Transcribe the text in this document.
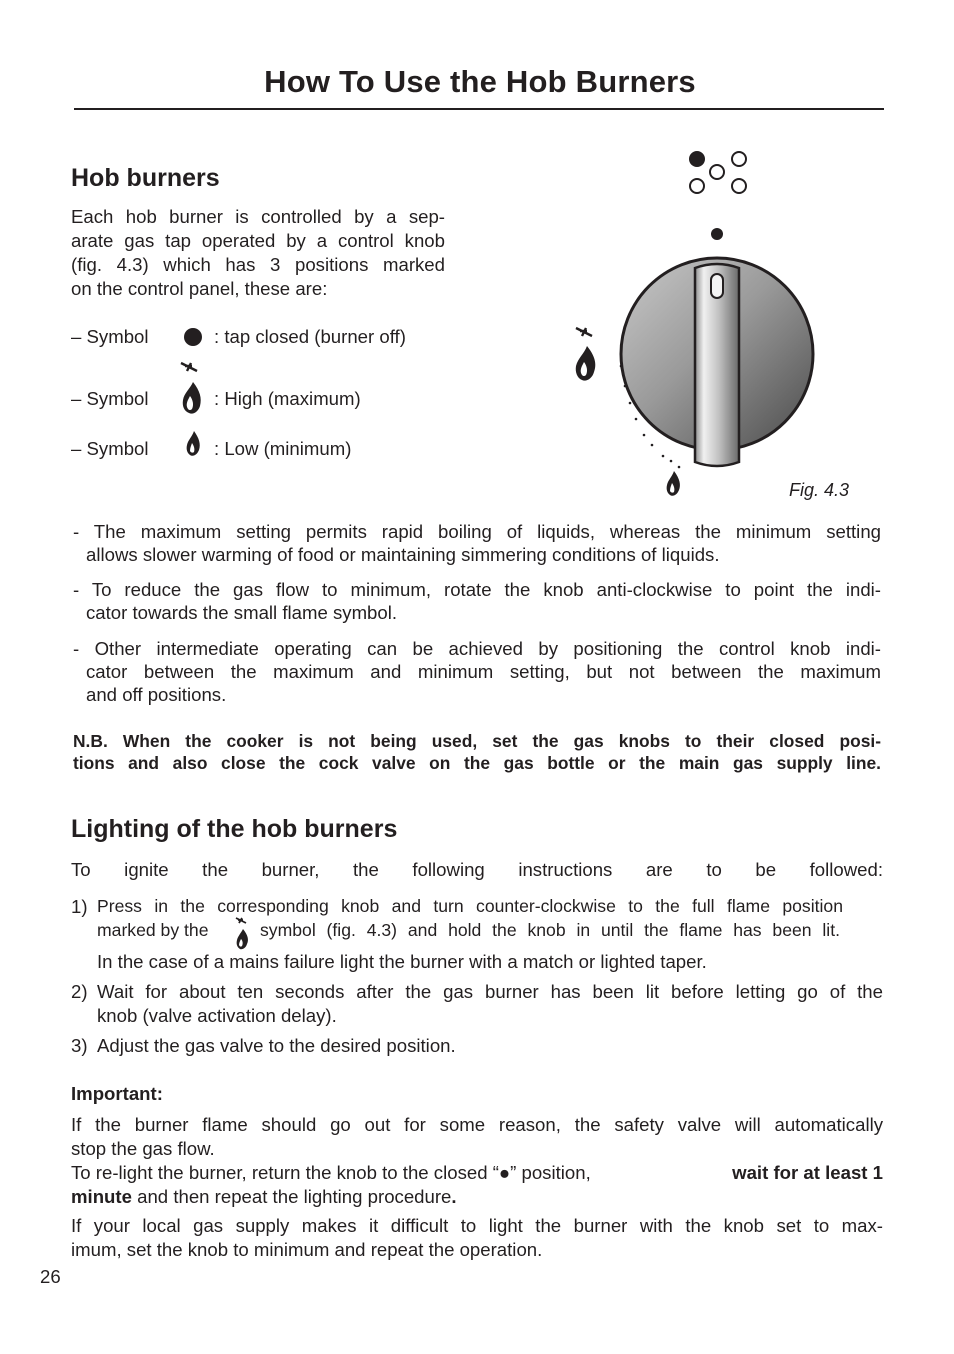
How To Use the Hob Burners
Hob burners
Each hob burner is controlled by a sep-
arate gas tap operated by a control knob
(fig. 4.3) which has 3 positions marked
on the control panel, these are:
– Symbol	: tap closed (burner off)
– Symbol	: High (maximum)
– Symbol	: Low (minimum)
Fig. 4.3
- The maximum setting permits rapid boiling of liquids, whereas the minimum setting
allows slower warming of food or maintaining simmering conditions of liquids.
- To reduce the gas flow to minimum, rotate the knob anti-clockwise to point the indi-
cator towards the small flame symbol.
- Other intermediate operating can be achieved by positioning the control knob indi-
cator between the maximum and minimum setting, but not between the maximum
and off positions.
N.B. When the cooker is not being used, set the gas knobs to their closed posi-
tions and also close the cock valve on the gas bottle or the main gas supply line.
Lighting of the hob burners
To ignite the burner, the following instructions are to be followed:
1) Press in the corresponding knob and turn counter-clockwise to the full flame position
marked by the	symbol (fig. 4.3) and hold the knob in until the flame has been lit.
In the case of a mains failure light the burner with a match or lighted taper.
2) Wait for about ten seconds after the gas burner has been lit before letting go of the
knob (valve activation delay).
3) Adjust the gas valve to the desired position.
Important:
If the burner flame should go out for some reason, the safety valve will automatically
stop the gas flow.
To re-light the burner, return the knob to the closed “●” position,	wait for at least 1
minute and then repeat the lighting procedure.
If your local gas supply makes it difficult to light the burner with the knob set to max-
imum, set the knob to minimum and repeat the operation.
26
